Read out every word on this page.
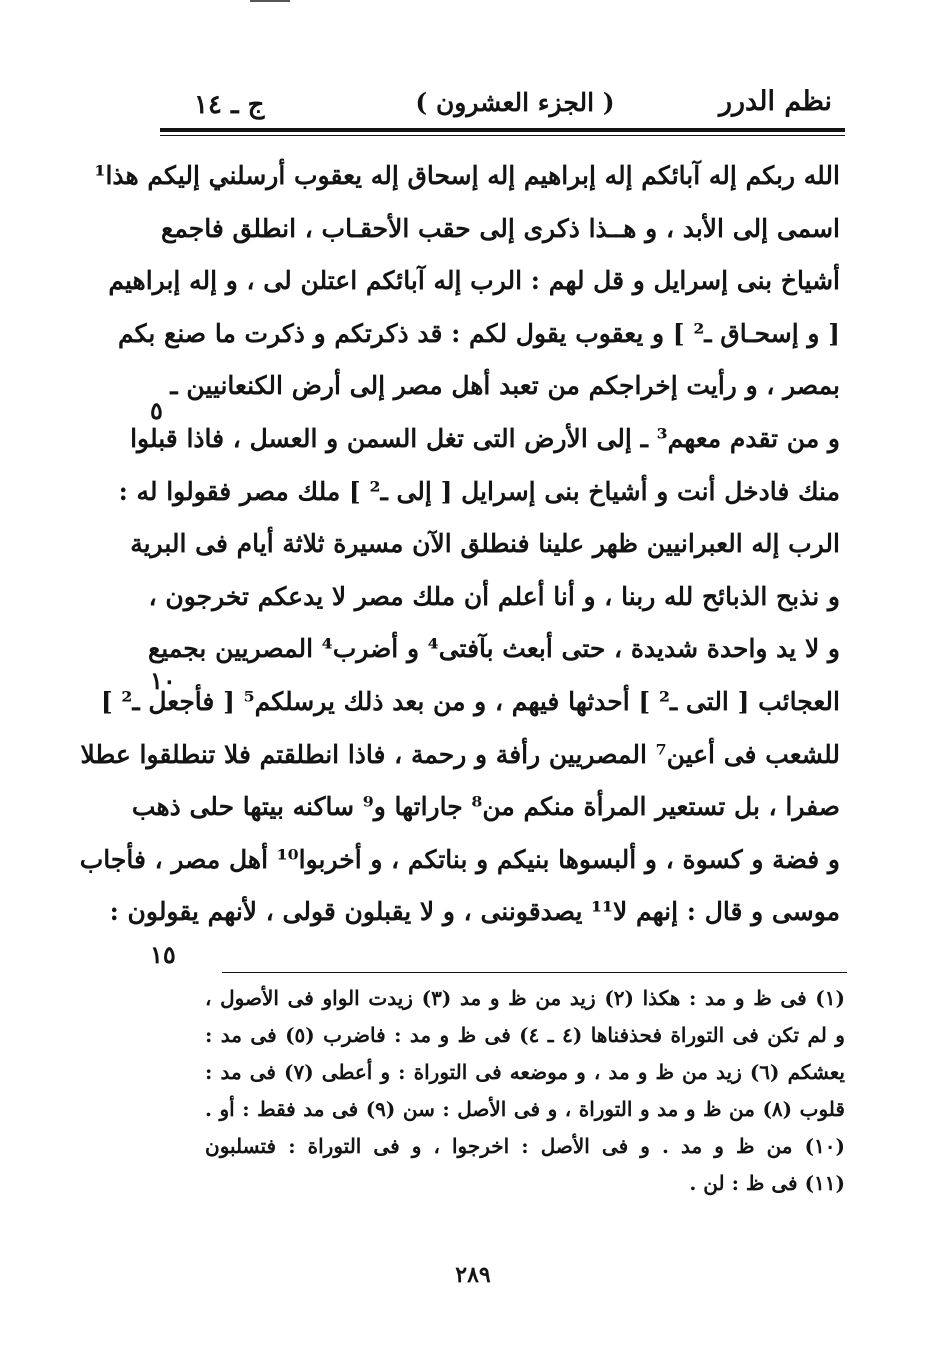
نظم الدرر
( الجزء العشرون )
ج ـ ١٤
الله ربكم إله آبائكم إله إبراهيم إله إسحاق إله يعقوب أرسلني إليكم هذا¹
اسمى إلى الأبد ، و هــذا ذكرى إلى حقب الأحقـاب ، انطلق فاجمع
أشياخ بنى إسرايل و قل لهم : الرب إله آبائكم اعتلن لى ، و إله إبراهيم
[ و إسحـاق ـ² ] و يعقوب يقول لكم : قد ذكرتكم و ذكرت ما صنع بكم
بمصر ، و رأيت إخراجكم من تعبد أهل مصر إلى أرض الكنعانيين ـ
و من تقدم معهم³ ـ إلى الأرض التى تغل السمن و العسل ، فاذا قبلوا
منك فادخل أنت و أشياخ بنى إسرايل [ إلى ـ² ] ملك مصر فقولوا له :
الرب إله العبرانيين ظهر علينا فنطلق الآن مسيرة ثلاثة أيام فى البرية
و نذبح الذبائح لله ربنا ، و أنا أعلم أن ملك مصر لا يدعكم تخرجون ،
و لا يد واحدة شديدة ، حتى أبعث بآفتى⁴ و أضرب⁴ المصريين بجميع
العجائب [ التى ـ² ] أحدثها فيهم ، و من بعد ذلك يرسلكم⁵ [ فأجعل ـ² ]
للشعب فى أعين⁷ المصريين رأفة و رحمة ، فاذا انطلقتم فلا تنطلقوا عطلا
صفرا ، بل تستعير المرأة منكم من⁸ جاراتها و⁹ ساكنه بيتها حلى ذهب
و فضة و كسوة ، و ألبسوها بنيكم و بناتكم ، و أخربوا¹⁰ أهل مصر ، فأجاب
موسى و قال : إنهم لا¹¹ يصدقوننى ، و لا يقبلون قولى ، لأنهم يقولون :
٥
١٠
١٥
(١) فى ظ و مد : هكذا (٢) زيد من ظ و مد (٣) زيدت الواو فى الأصول ،
و لم تكن فى التوراة فحذفناها (٤ ـ ٤) فى ظ و مد : فاضرب (٥) فى مد :
يعشكم (٦) زيد من ظ و مد ، و موضعه فى التوراة : و أعطى (٧) فى مد :
قلوب (٨) من ظ و مد و التوراة ، و فى الأصل : سن (٩) فى مد فقط : أو .
(١٠) من ظ و مد . و فى الأصل : اخرجوا ، و فى التوراة : فتسلبون
(١١) فى ظ : لن .
٢٨٩
